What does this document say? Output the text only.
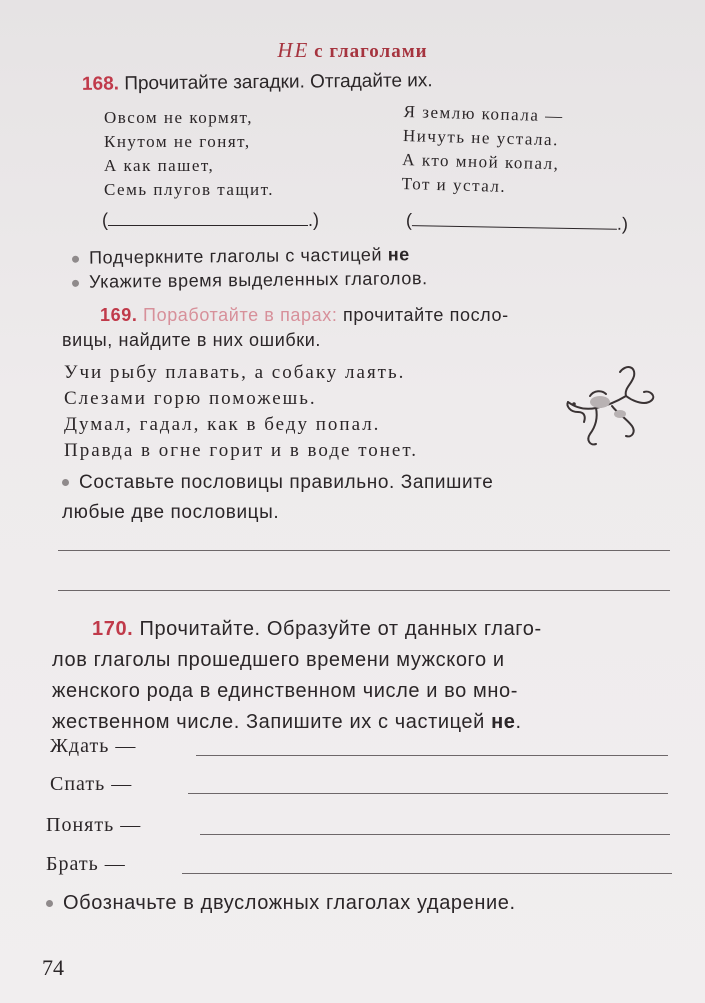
НЕ с глаголами
168. Прочитайте загадки. Отгадайте их.
Овсом не кормят,
Кнутом не гонят,
А как пашет,
Семь плугов тащит.
Я землю копала —
Ничуть не устала.
А кто мной копал,
Тот и устал.
(	.)	(	.)
Подчеркните глаголы с частицей не
Укажите время выделенных глаголов.
169. Поработайте в парах: прочитайте посло-
вицы, найдите в них ошибки.
Учи рыбу плавать, а собаку лаять.
Слезами горю поможешь.
Думал, гадал, как в беду попал.
Правда в огне горит и в воде тонет.
Составьте пословицы правильно. Запишите
любые две пословицы.
170. Прочитайте. Образуйте от данных глаго-
лов глаголы прошедшего времени мужского и
женского рода в единственном числе и во мно-
жественном числе. Запишите их с частицей не.
Ждать —
Спать —
Понять —
Брать —
Обозначьте в двусложных глаголах ударение.
74
